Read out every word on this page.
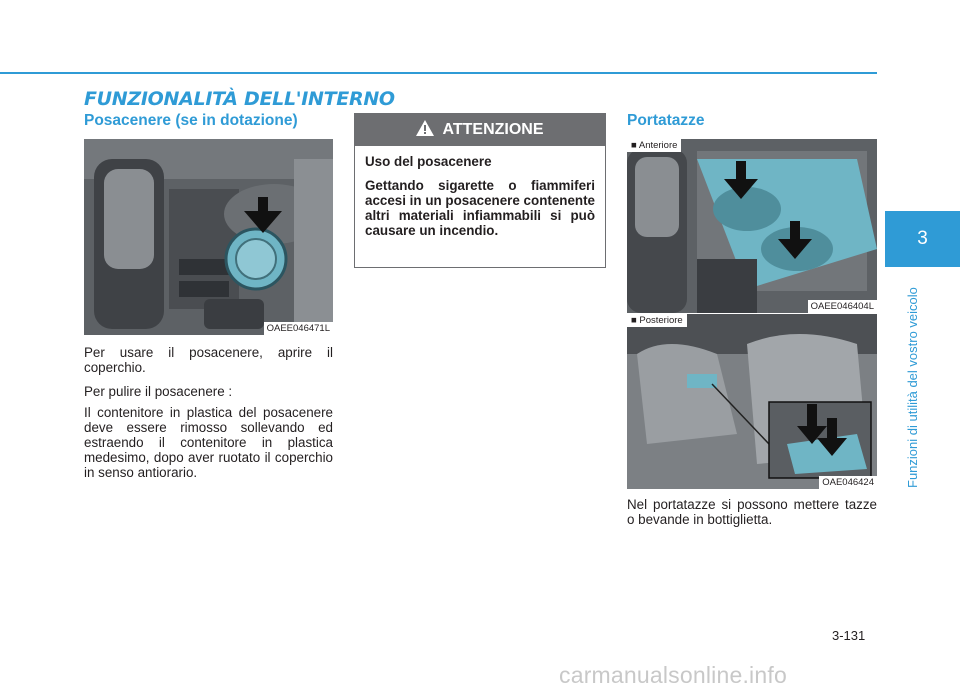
FUNZIONALITÀ DELL'INTERNO
Posacenere (se in dotazione)
OAEE046471L

Per usare il posacenere, aprire il coperchio.

Per pulire il posacenere :

Il contenitore in plastica del posacenere deve essere rimosso sollevando ed estraendo il contenitore in plastica medesimo, dopo aver ruotato il coperchio in senso antiorario.

ATTENZIONE
Uso del posacenere
Gettando sigarette o fiammiferi accesi in un posacenere contenente altri materiali infiammabili si può causare un incendio.
Portatazze
■ Anteriore
OAEE046404L
■ Posteriore
OAE046424

Nel portatazze si possono mettere tazze o bevande in bottiglietta.

3
Funzioni di utilità del vostro veicolo
3-131
carmanualsonline.info
